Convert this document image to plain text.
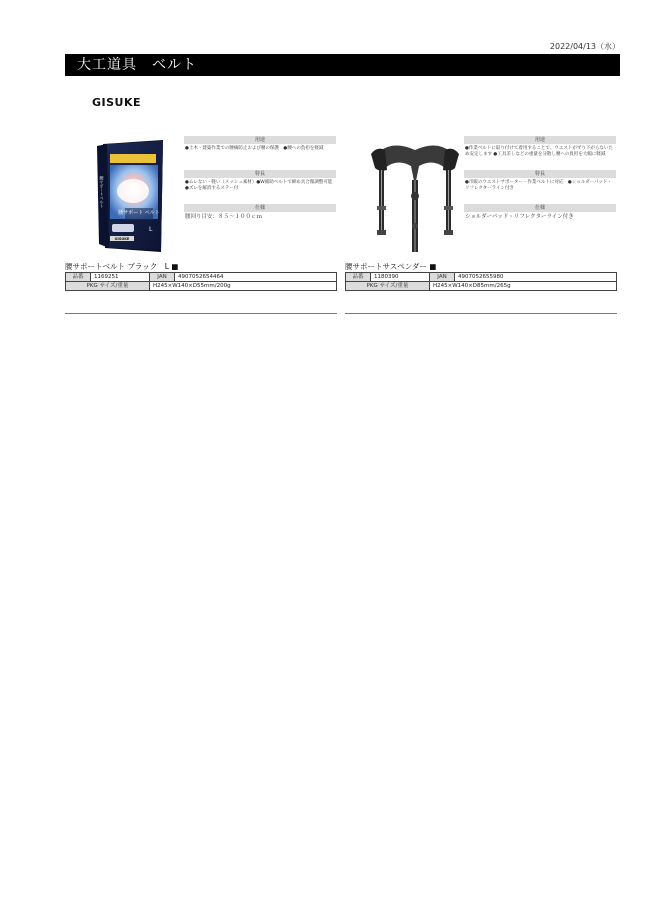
2022/04/13（水）
大工道具　ベルト
GISUKE
腰サポート ベルト
L
GISUKE
腰サポートベルト
用途
●土木・建築作業での腰痛防止および腰の保護　●腰への負担を軽減
特長
●ムレない・軽い（メッシュ素材）●W補助ベルトで締め具合微調整可能 ●ズレを解消するステー付
仕様
腰回り目安：８５～１００ｃｍ
腰サポートベルト ブラック　L ■
品番	1169251	JAN	4907052654464
PKG サイズ/重量		H245×W140×D55mm/200g	
用途
●作業ベルトに取り付けて着用することで、ウエストがずり下がらないため安定します ●工具差しなどの重量を分散し腰への負担を大幅に軽減
特長
●市販のウエストサポーター・作業ベルトに対応　●ショルダーパッド・リフレクターライン付き
仕様
ショルダーパッド・リフレクターライン付き
腰サポートサスペンダー ■
品番	1180390	JAN	4907052655980
PKG サイズ/重量		H245×W140×D85mm/265g	
